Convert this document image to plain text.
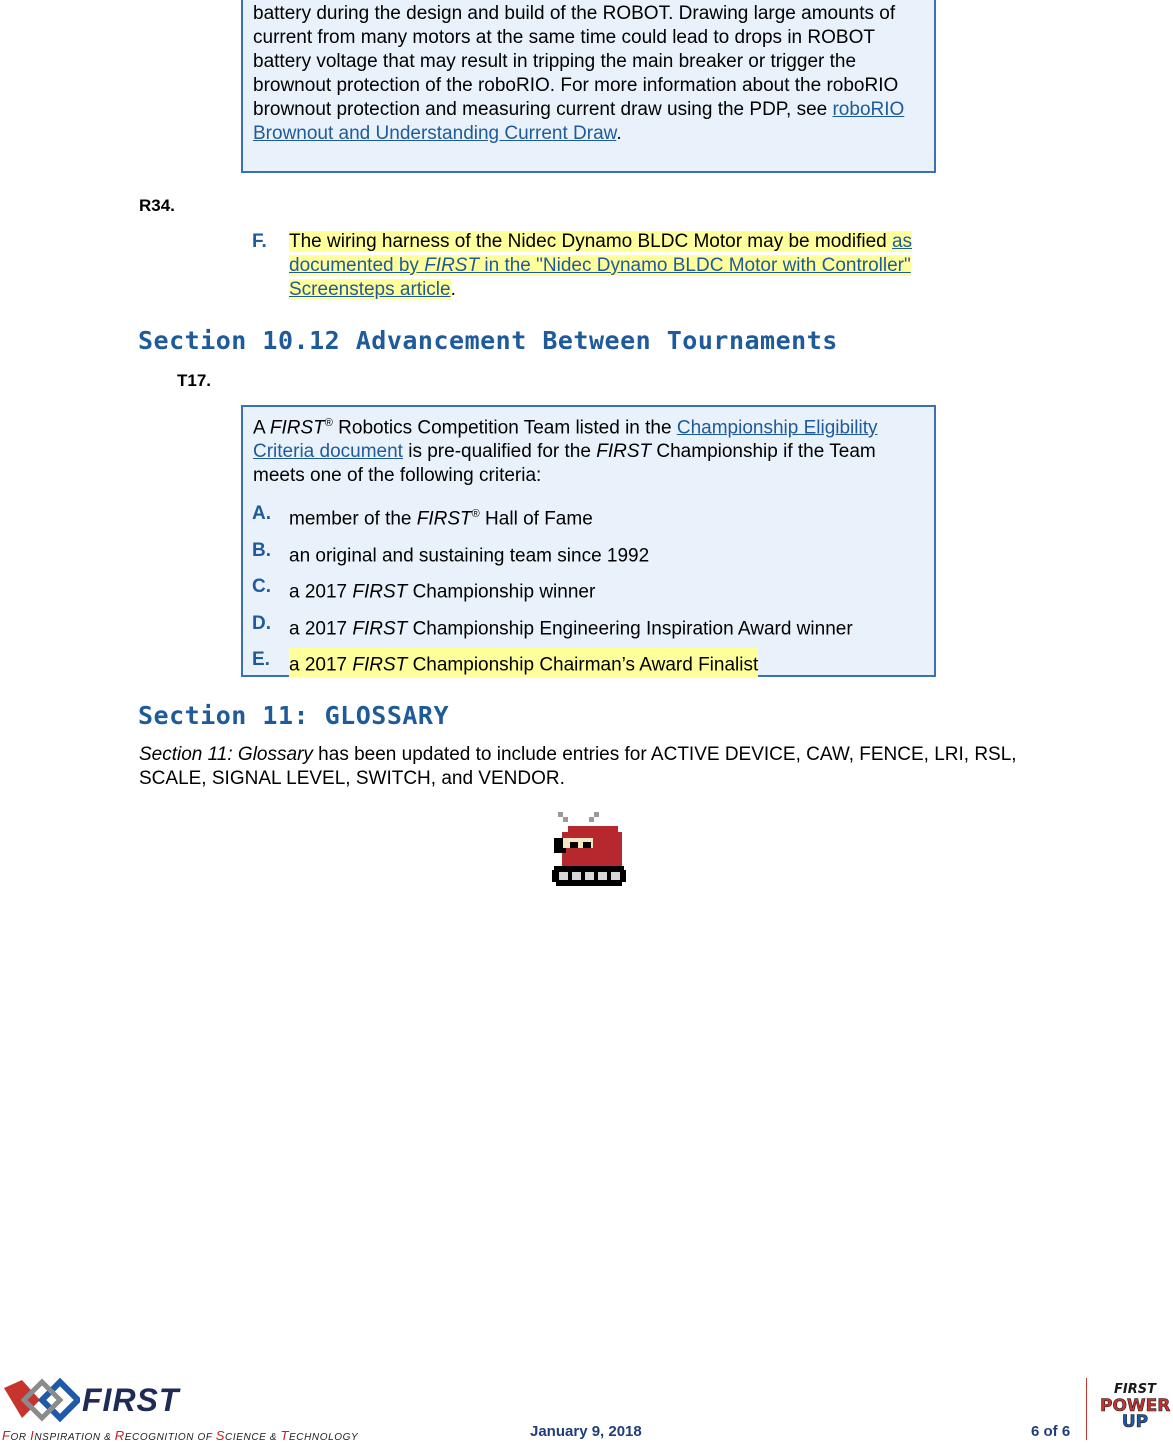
battery during the design and build of the ROBOT. Drawing large amounts of current from many motors at the same time could lead to drops in ROBOT battery voltage that may result in tripping the main breaker or trigger the brownout protection of the roboRIO. For more information about the roboRIO brownout protection and measuring current draw using the PDP, see roboRIO Brownout and Understanding Current Draw.

R34.
F. The wiring harness of the Nidec Dynamo BLDC Motor may be modified as documented by FIRST in the "Nidec Dynamo BLDC Motor with Controller" Screensteps article.
Section 10.12 Advancement Between Tournaments
T17.

A FIRST® Robotics Competition Team listed in the Championship Eligibility Criteria document is pre-qualified for the FIRST Championship if the Team meets one of the following criteria:

A. member of the FIRST® Hall of Fame
B. an original and sustaining team since 1992
C. a 2017 FIRST Championship winner
D. a 2017 FIRST Championship Engineering Inspiration Award winner
E. a 2017 FIRST Championship Chairman’s Award Finalist
Section 11: GLOSSARY

Section 11: Glossary has been updated to include entries for ACTIVE DEVICE, CAW, FENCE, LRI, RSL, SCALE, SIGNAL LEVEL, SWITCH, and VENDOR.

FIRST
FOR INSPIRATION & RECOGNITION OF SCIENCE & TECHNOLOGY	January 9, 2018	6 of 6
FIRST
POWER
UP
